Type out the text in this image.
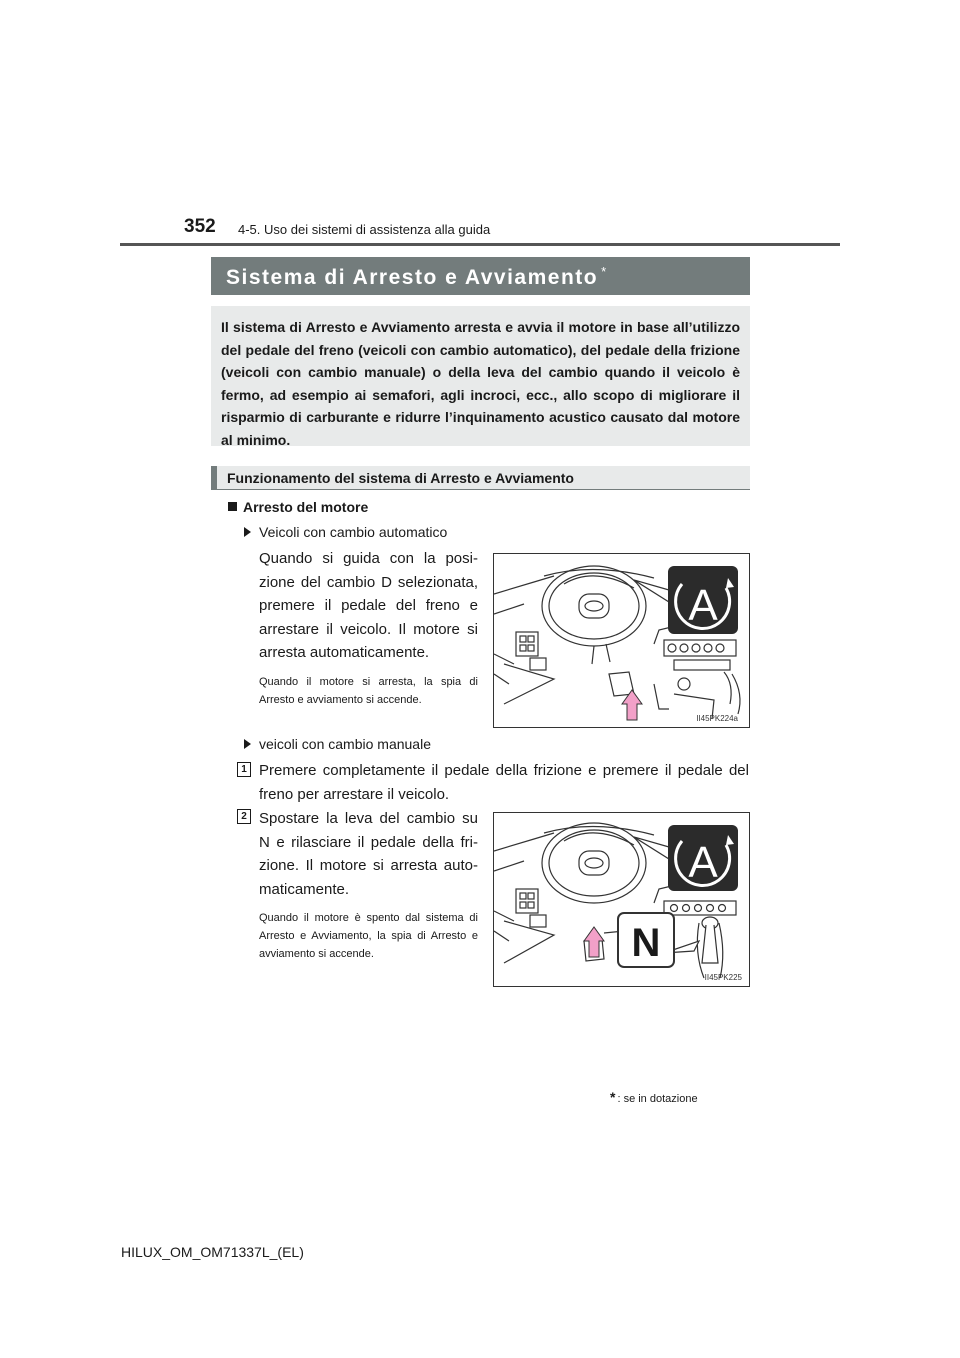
352 4-5. Uso dei sistemi di assistenza alla guida
Sistema di Arresto e Avviamento *

Il sistema di Arresto e Avviamento arresta e avvia il motore in base all’utilizzo del pedale del freno (veicoli con cambio automatico), del pedale della frizione (veicoli con cambio manuale) o della leva del cambio quando il veicolo è fermo, ad esempio ai semafori, agli incroci, ecc., allo scopo di migliorare il risparmio di carburante e ridurre l’inquinamento acustico causato dal motore al minimo.

Funzionamento del sistema di Arresto e Avviamento
Arresto del motore
Veicoli con cambio automatico

Quando si guida con la posizione del cambio D selezionata, premere il pedale del freno e arrestare il veicolo. Il motore si arresta automaticamente.

Quando il motore si arresta, la spia di Arresto e avviamento si accende.

A
II45PK224a
veicoli con cambio manuale
1 Premere completamente il pedale della frizione e premere il pedale del freno per arrestare il veicolo.

2 Spostare la leva del cambio su N e rilasciare il pedale della frizione. Il motore si arresta automaticamente.

Quando il motore è spento dal sistema di Arresto e Avviamento, la spia di Arresto e avviamento si accende.

A
N
II45PK225
* : se in dotazione
HILUX_OM_OM71337L_(EL)
